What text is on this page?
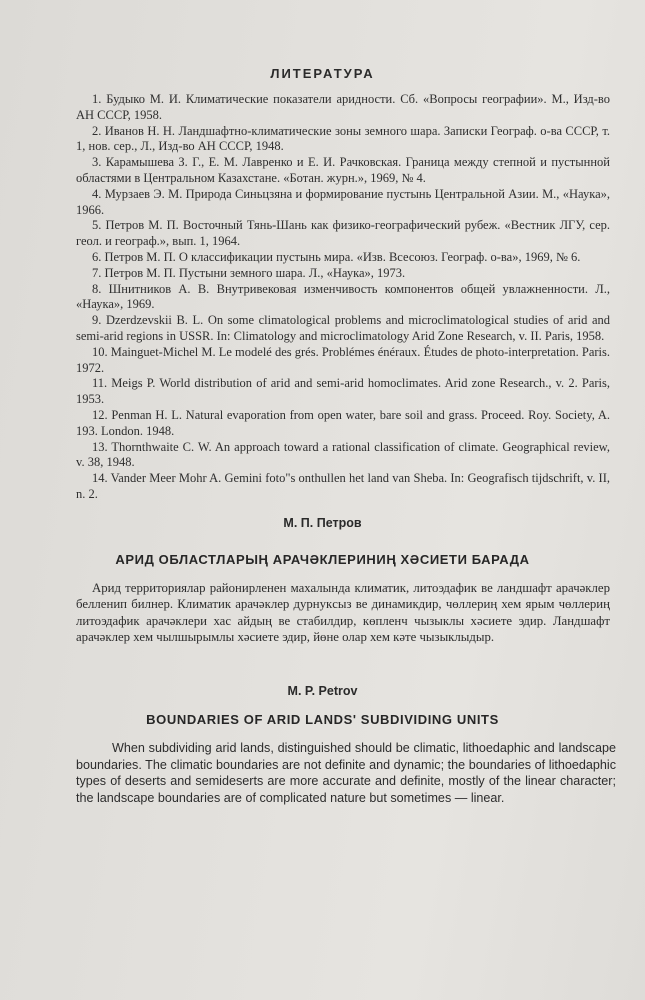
ЛИТЕРАТУРА

1. Будыко М. И. Климатические показатели аридности. Сб. «Вопросы географии». М., Изд-во АН СССР, 1958.

2. Иванов Н. Н. Ландшафтно-климатические зоны земного шара. Записки Географ. о-ва СССР, т. 1, нов. сер., Л., Изд-во АН СССР, 1948.

3. Карамышева З. Г., Е. М. Лавренко и Е. И. Рачковская. Граница между степной и пустынной областями в Центральном Казахстане. «Ботан. журн.», 1969, № 4.

4. Мурзаев Э. М. Природа Синьцзяна и формирование пустынь Центральной Азии. М., «Наука», 1966.

5. Петров М. П. Восточный Тянь-Шань как физико-географический рубеж. «Вестник ЛГУ, сер. геол. и географ.», вып. 1, 1964.

6. Петров М. П. О классификации пустынь мира. «Изв. Всесоюз. Географ. о-ва», 1969, № 6.

7. Петров М. П. Пустыни земного шара. Л., «Наука», 1973.

8. Шнитников А. В. Внутривековая изменчивость компонентов общей увлажненности. Л., «Наука», 1969.

9. Dzerdzevskii B. L. On some climatological problems and microclimatological studies of arid and semi-arid regions in USSR. In: Climatology and microclimatology Arid Zone Research, v. II. Paris, 1958.

10. Mainguet-Michel M. Le modelé des grés. Problémes énéraux. Études de photo-interpretation. Paris. 1972.

11. Meigs P. World distribution of arid and semi-arid homoclimates. Arid zone Research., v. 2. Paris, 1953.

12. Penman H. L. Natural evaporation from open water, bare soil and grass. Proceed. Roy. Society, A. 193. London. 1948.

13. Thornthwaite C. W. An approach toward a rational classification of climate. Geographical review, v. 38, 1948.

14. Vander Meer Mohr A. Gemini foto"s onthullen het land van Sheba. In: Geografisch tijdschrift, v. II, n. 2.

М. П. Петров
АРИД ОБЛАСТЛАРЫҢ АРАЧӘКЛЕРИНИҢ ХӘСИЕТИ БАРАДА

Арид территориялар районирленен махалында климатик, литоэдафик ве ландшафт арачәклер белленип билнер. Климатик арачәклер дурнукcыз ве динамикдир, чөллериң хем ярым чөллериң литоэдафик арачәклери хас айдың ве стабилдир, көпленч чызыклы хәсиете эдир. Ландшафт арачәклер хем чылшырымлы хәсиете эдир, йөне олар хем кәте чызыклыдыр.

M. P. Petrov
BOUNDARIES OF ARID LANDS' SUBDIVIDING UNITS

When subdividing arid lands, distinguished should be climatic, lithoedaphic and landscape boundaries. The climatic boundaries are not definite and dynamic; the boundaries of lithoedaphic types of deserts and semideserts are more accurate and definite, mostly of the linear character; the landscape boundaries are of complicated nature but sometimes — linear.
